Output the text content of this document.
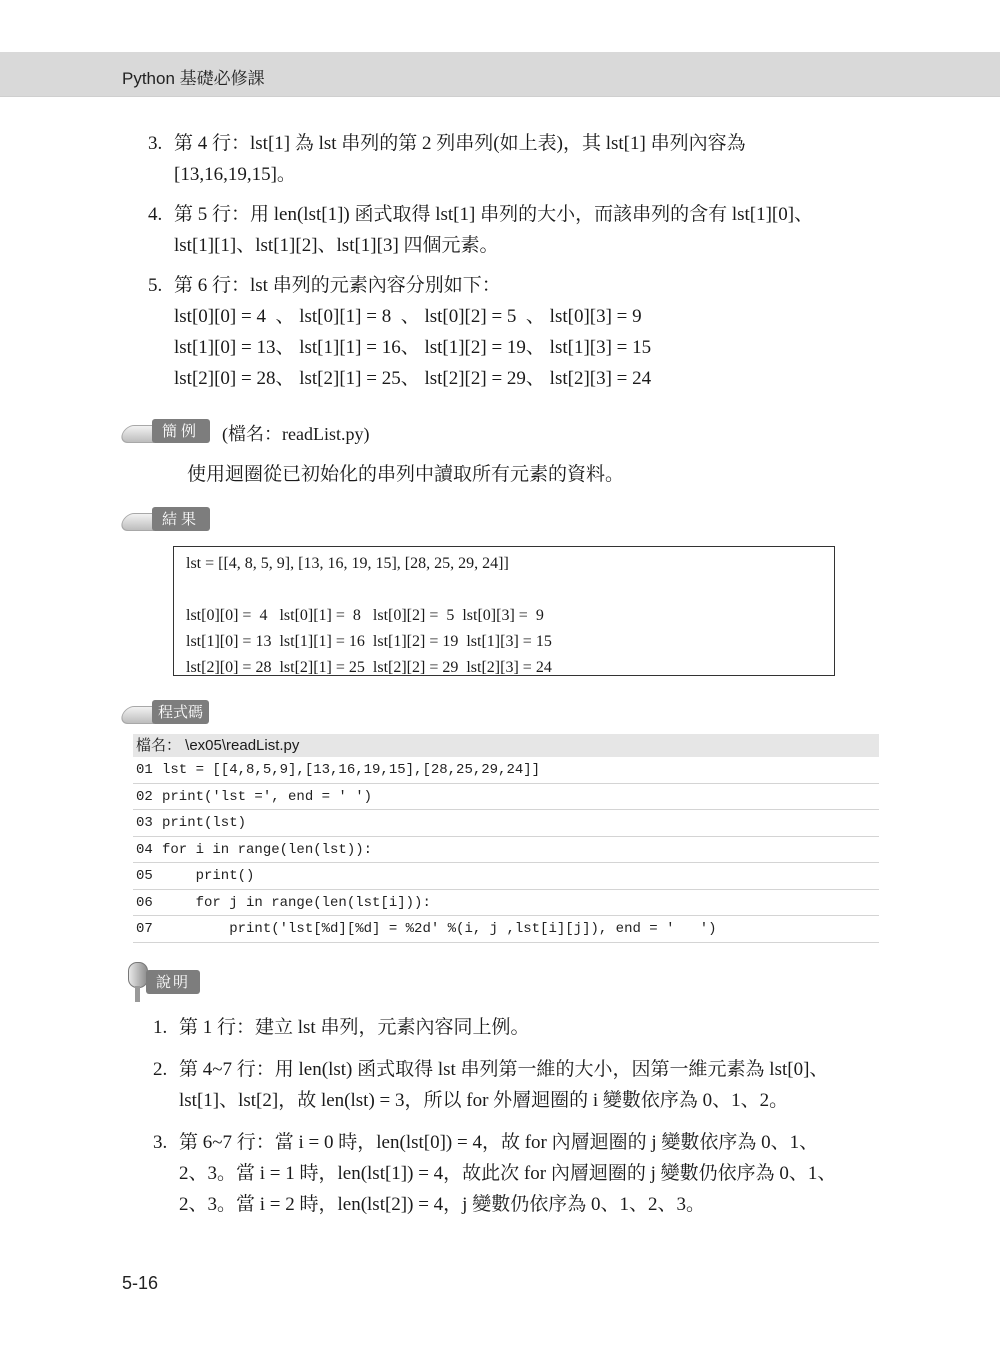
Python 基礎必修課
3. 第 4 行：lst[1] 為 lst 串列的第 2 列串列(如上表)，其 lst[1] 串列內容為
[13,16,19,15]。
4. 第 5 行：用 len(lst[1]) 函式取得 lst[1] 串列的大小，而該串列的含有 lst[1][0]、
lst[1][1]、lst[1][2]、lst[1][3] 四個元素。
5. 第 6 行：lst 串列的元素內容分別如下：
lst[0][0] = 4  、 lst[0][1] = 8  、 lst[0][2] = 5  、 lst[0][3] = 9
lst[1][0] = 13、 lst[1][1] = 16、 lst[1][2] = 19、 lst[1][3] = 15
lst[2][0] = 28、 lst[2][1] = 25、 lst[2][2] = 29、 lst[2][3] = 24
簡例	(檔名：readList.py)
使用迴圈從已初始化的串列中讀取所有元素的資料。
結果
lst = [[4, 8, 5, 9], [13, 16, 19, 15], [28, 25, 29, 24]]
lst[0][0] =  4   lst[0][1] =  8   lst[0][2] =  5  lst[0][3] =  9
lst[1][0] = 13  lst[1][1] = 16  lst[1][2] = 19  lst[1][3] = 15
lst[2][0] = 28  lst[2][1] = 25  lst[2][2] = 29  lst[2][3] = 24
程式碼
檔名： \ex05\readList.py
01 lst = [[4,8,5,9],[13,16,19,15],[28,25,29,24]]
02 print('lst =', end = ' ')
03 print(lst)
04 for i in range(len(lst)):
05    print()
06    for j in range(len(lst[i])):
07        print('lst[%d][%d] = %2d' %(i, j ,lst[i][j]), end = '   ')
說明
1. 第 1 行：建立 lst 串列，元素內容同上例。
2. 第 4~7 行：用 len(lst) 函式取得 lst 串列第一維的大小，因第一維元素為 lst[0]、
lst[1]、lst[2]，故 len(lst) = 3，所以 for 外層迴圈的 i 變數依序為 0、1、2。
3. 第 6~7 行：當 i = 0 時，len(lst[0]) = 4，故 for 內層迴圈的 j 變數依序為 0、1、
2、3。當 i = 1 時，len(lst[1]) = 4，故此次 for 內層迴圈的 j 變數仍依序為 0、1、
2、3。當 i = 2 時，len(lst[2]) = 4，j 變數仍依序為 0、1、2、3。
5-16
